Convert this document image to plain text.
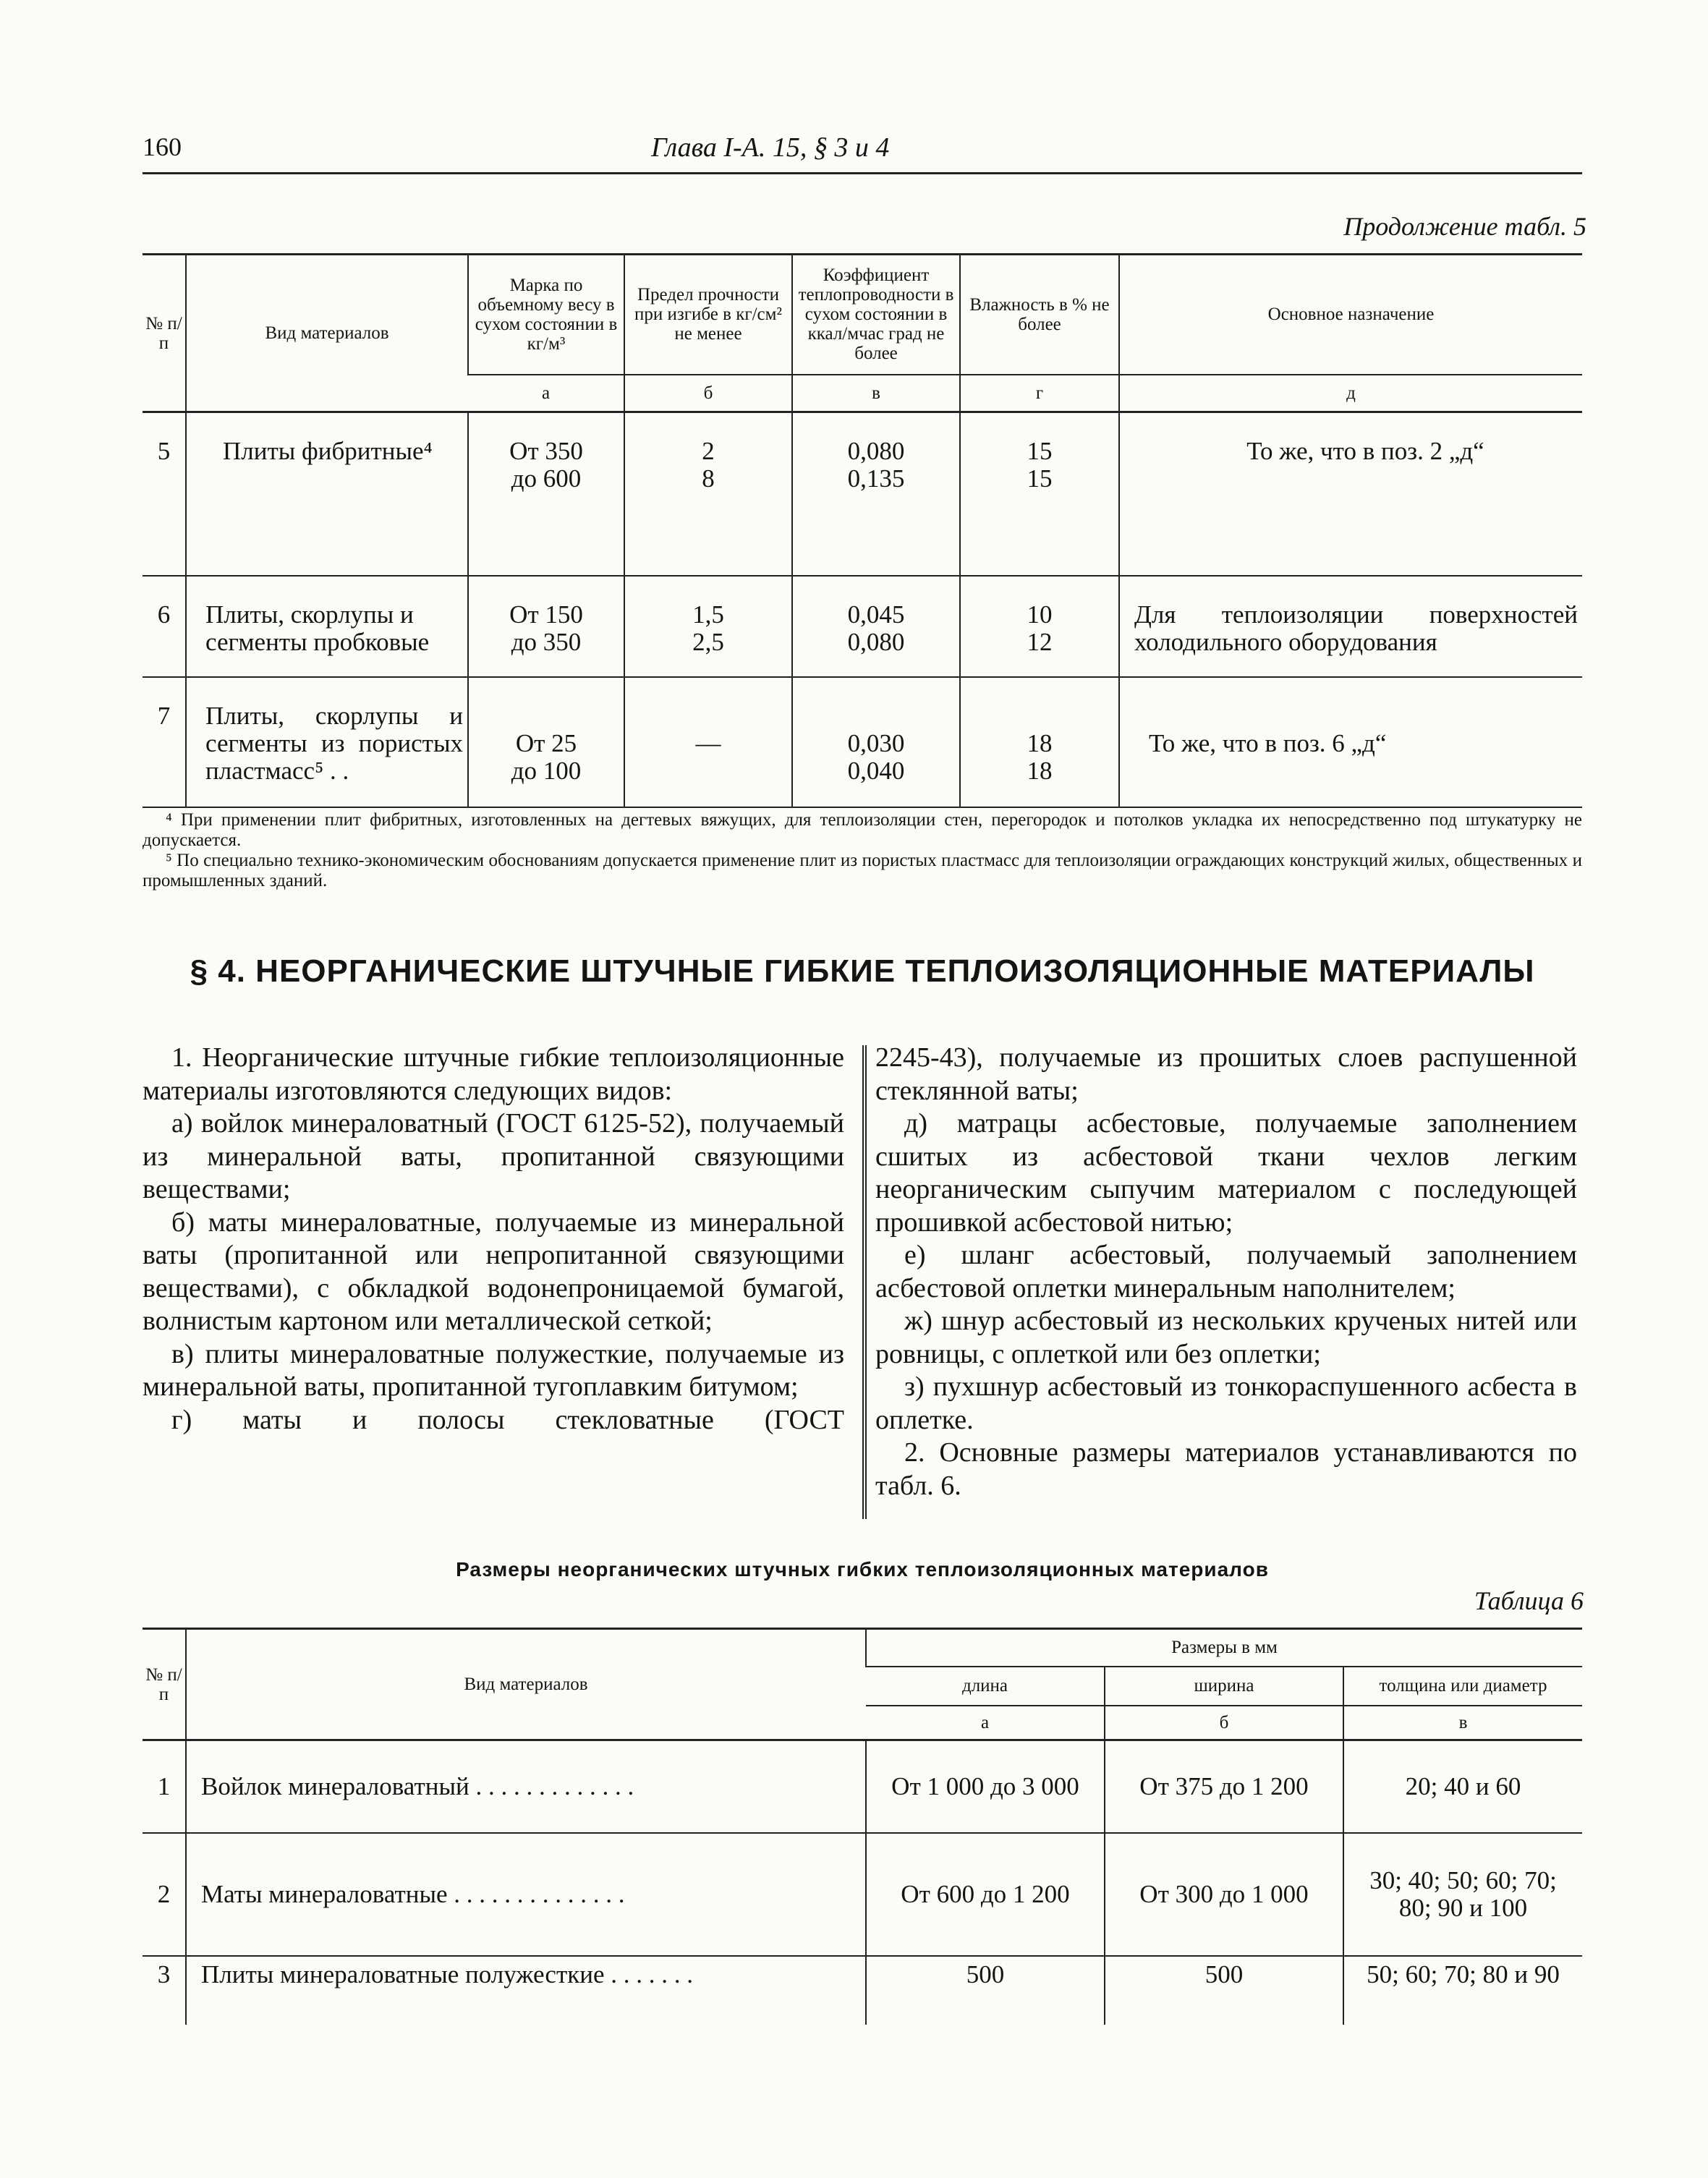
160	Глава I-А. 15, § 3 и 4
Продолжение табл. 5
№ п/п	Вид материалов	Марка по объемному весу в сухом состоянии в кг/м³	Предел прочности при изгибе в кг/см² не менее	Коэффициент теплопроводности в сухом состоянии в ккал/мчас град не более	Влажность в % не более	Основное назначение
		а	б	в	г	д
5	Плиты фибритные⁴	От 350 до 600	2 8	0,080 0,135	15 15	То же, что в поз. 2 „д“
6	Плиты, скорлупы и сегменты пробковые	От 150 до 350	1,5 2,5	0,045 0,080	10 12	Для теплоизоляции поверхностей холодильного оборудования
7	Плиты, скорлупы и сегменты из пористых пластмасс⁵ . .	От 25 до 100	—	0,030 0,040	18 18	То же, что в поз. 6 „д“

⁴ При применении плит фибритных, изготовленных на дегтевых вяжущих, для теплоизоляции стен, перегородок и потолков укладка их непосредственно под штукатурку не допускается.

⁵ По специально технико-экономическим обоснованиям допускается применение плит из пористых пластмасс для теплоизоляции ограждающих конструкций жилых, общественных и промышленных зданий.

§ 4. НЕОРГАНИЧЕСКИЕ ШТУЧНЫЕ ГИБКИЕ ТЕПЛОИЗОЛЯЦИОННЫЕ МАТЕРИАЛЫ

1. Неорганические штучные гибкие теплоизоляционные материалы изготовляются следующих видов:

а) войлок минераловатный (ГОСТ 6125-52), получаемый из минеральной ваты, пропитанной связующими веществами;

б) маты минераловатные, получаемые из минеральной ваты (пропитанной или непропитанной связующими веществами), с обкладкой водонепроницаемой бумагой, волнистым картоном или металлической сеткой;

в) плиты минераловатные полужесткие, получаемые из минеральной ваты, пропитанной тугоплавким битумом;

г) маты и полосы стекловатные (ГОСТ

2245-43), получаемые из прошитых слоев распушенной стеклянной ваты;

д) матрацы асбестовые, получаемые заполнением сшитых из асбестовой ткани чехлов легким неорганическим сыпучим материалом с последующей прошивкой асбестовой нитью;

е) шланг асбестовый, получаемый заполнением асбестовой оплетки минеральным наполнителем;

ж) шнур асбестовый из нескольких крученых нитей или ровницы, с оплеткой или без оплетки;

з) пухшнур асбестовый из тонкораспушенного асбеста в оплетке.

2. Основные размеры материалов устанавливаются по табл. 6.

Размеры неорганических штучных гибких теплоизоляционных материалов
Таблица 6
№ п/п	Вид материалов	Размеры в мм		
		длина	ширина	толщина или диаметр
		а	б	в
1	Войлок минераловатный . . . . . . . . . . . . .	От 1 000 до 3 000	От 375 до 1 200	20; 40 и 60
2	Маты минераловатные . . . . . . . . . . . . . .	От 600 до 1 200	От 300 до 1 000	30; 40; 50; 60; 70; 80; 90 и 100
3	Плиты минераловатные полужесткие . . . . . . .	500	500	50; 60; 70; 80 и 90
